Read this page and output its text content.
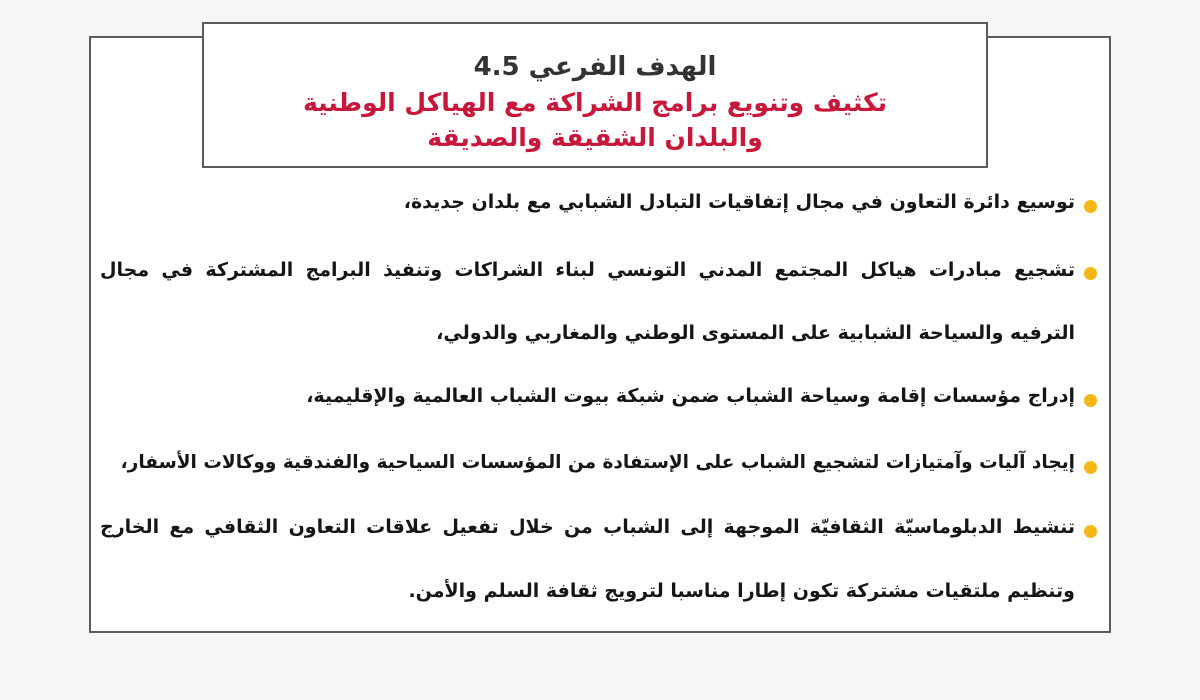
الهدف الفرعي 4.5
تكثيف وتنويع برامج الشراكة مع الهياكل الوطنية
والبلدان الشقيقة والصديقة
توسيع دائرة التعاون في مجال إتفاقيات التبادل الشبابي مع بلدان جديدة،
تشجيع مبادرات هياكل المجتمع المدني التونسي لبناء الشراكات وتنفيذ البرامج المشتركة في مجال
الترفيه والسياحة الشبابية على المستوى الوطني والمغاربي والدولي،
إدراج مؤسسات إقامة وسياحة الشباب ضمن شبكة بيوت الشباب العالمية والإقليمية،
إيجاد آليات وآمتيازات لتشجيع الشباب على الإستفادة من المؤسسات السياحية والفندقية ووكالات الأسفار،
تنشيط الدبلوماسيّة الثقافيّة الموجهة إلى الشباب من خلال تفعيل علاقات التعاون الثقافي مع الخارج
وتنظيم ملتقيات مشتركة تكون إطارا مناسبا لترويج ثقافة السلم والأمن.
